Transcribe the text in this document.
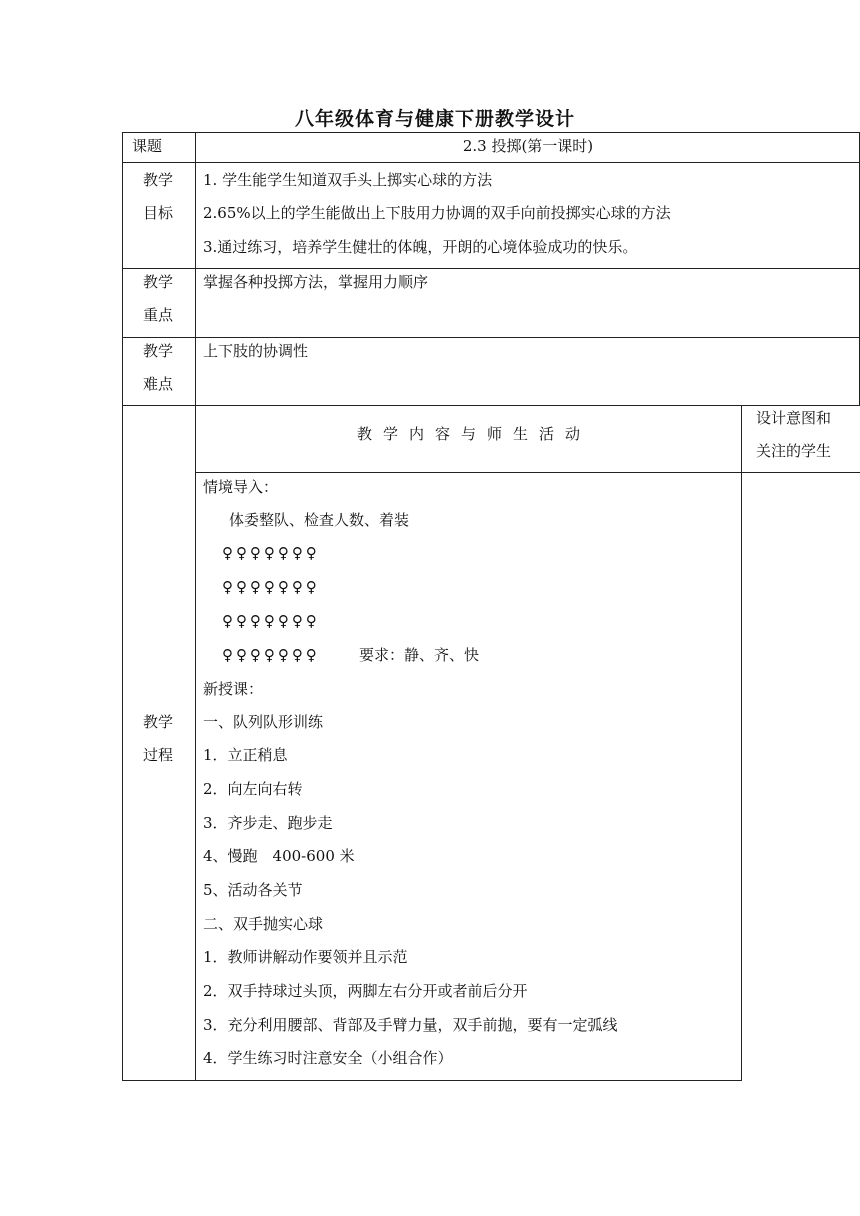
八年级体育与健康下册教学设计
课题	2.3 投掷(第一课时)
教学
目标
1. 学生能学生知道双手头上掷实心球的方法
2.65%以上的学生能做出上下肢用力协调的双手向前投掷实心球的方法
3.通过练习，培养学生健壮的体魄，开朗的心境体验成功的快乐。
教学
重点
掌握各种投掷方法，掌握用力顺序
教学
难点
上下肢的协调性
教学内容与师生活动
设计意图和
关注的学生
教学
过程
情境导入：
体委整队、检查人数、着装
♀♀♀♀♀♀♀
♀♀♀♀♀♀♀
♀♀♀♀♀♀♀
♀♀♀♀♀♀♀	要求：静、齐、快
新授课：
一、队列队形训练
1．立正稍息
2．向左向右转
3．齐步走、跑步走
4、慢跑　400-600 米
5、活动各关节
二、双手抛实心球
1．教师讲解动作要领并且示范
2．双手持球过头顶，两脚左右分开或者前后分开
3．充分利用腰部、背部及手臂力量，双手前抛，要有一定弧线
4．学生练习时注意安全（小组合作）
